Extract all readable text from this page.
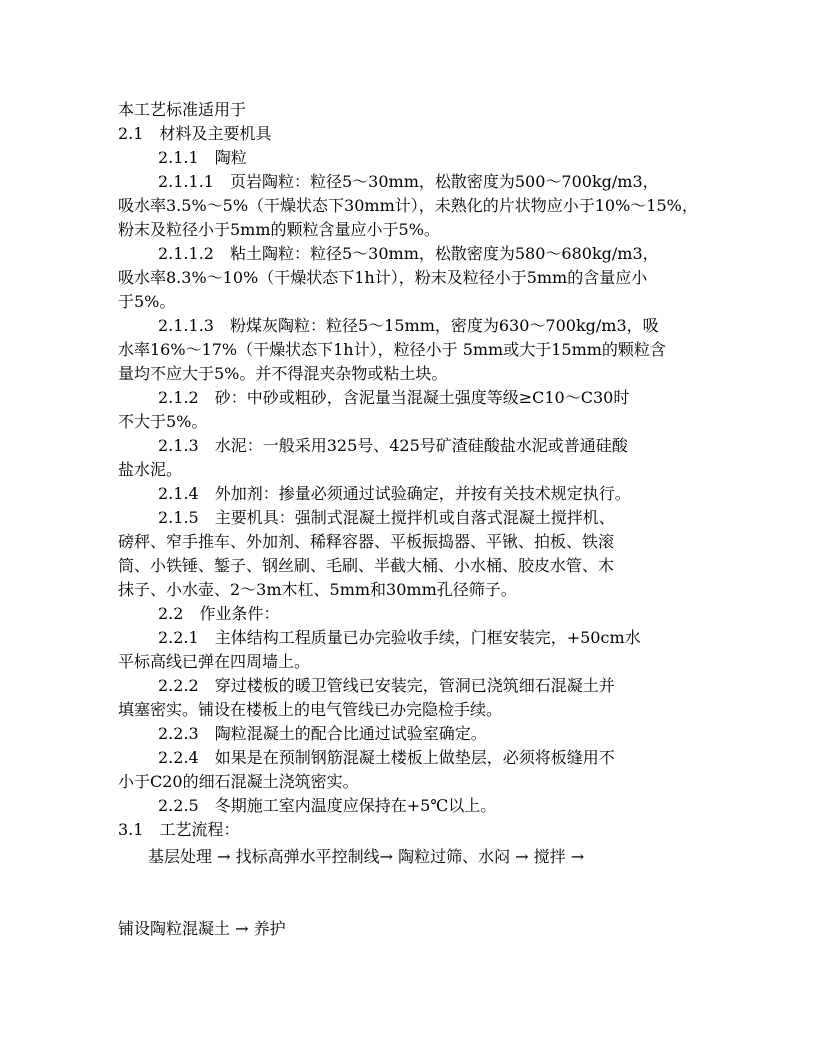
本工艺标准适用于
2.1　材料及主要机具
2.1.1　陶粒
2.1.1.1　页岩陶粒：粒径5～30mm，松散密度为500～700kg/m3，
吸水率3.5%～5%（干燥状态下30mm计），未熟化的片状物应小于10%～15%，
粉末及粒径小于5mm的颗粒含量应小于5%。
2.1.1.2　粘土陶粒：粒径5～30mm，松散密度为580～680kg/m3，
吸水率8.3%～10%（干燥状态下1h计），粉末及粒径小于5mm的含量应小
于5%。
2.1.1.3　粉煤灰陶粒：粒径5～15mm，密度为630～700kg/m3，吸
水率16%～17%（干燥状态下1h计），粒径小于 5mm或大于15mm的颗粒含
量均不应大于5%。并不得混夹杂物或粘土块。
2.1.2　砂：中砂或粗砂，含泥量当混凝土强度等级≥C10～C30时
不大于5%。
2.1.3　水泥：一般采用325号、425号矿渣硅酸盐水泥或普通硅酸
盐水泥。
2.1.4　外加剂：掺量必须通过试验确定，并按有关技术规定执行。
2.1.5　主要机具：强制式混凝土搅拌机或自落式混凝土搅拌机、
磅秤、窄手推车、外加剂、稀释容器、平板振捣器、平锹、拍板、铁滚
筒、小铁锤、錾子、钢丝刷、毛刷、半截大桶、小水桶、胶皮水管、木
抹子、小水壶、2～3m木杠、5mm和30mm孔径筛子。
2.2　作业条件：
2.2.1　主体结构工程质量已办完验收手续，门框安装完，+50cm水
平标高线已弹在四周墙上。
2.2.2　穿过楼板的暖卫管线已安装完，管洞已浇筑细石混凝土并
填塞密实。铺设在楼板上的电气管线已办完隐检手续。
2.2.3　陶粒混凝土的配合比通过试验室确定。
2.2.4　如果是在预制钢筋混凝土楼板上做垫层，必须将板缝用不
小于C20的细石混凝土浇筑密实。
2.2.5　冬期施工室内温度应保持在+5℃以上。
3.1　工艺流程：
基层处理 → 找标高弹水平控制线→ 陶粒过筛、水闷 → 搅拌 →
铺设陶粒混凝土 → 养护
